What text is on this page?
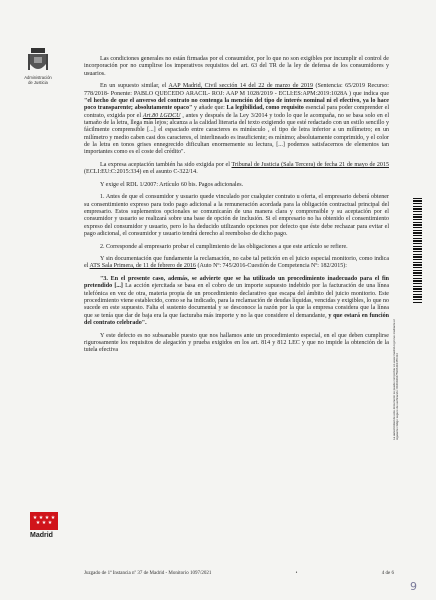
Administración
de Justicia

Las condiciones generales no están firmadas por el consumidor, por lo que no son exigibles por incumplir el control de incorporación por no cumplirse los imperativos requisitos del art. 63 del TR de la ley de defensa de los consumidores y usuarios.

En un supuesto similar, el AAP Madrid, Civil sección 14 del 22 de marzo de 2019 (Sentencia: 65/2019 Recurso: 778/2018- Ponente: PABLO QUECEDO ARACIL- ROJ: AAP M 1028/2019 - ECLI:ES:APM:2019:1028A ) que indica que "el hecho de que el anverso del contrato no contenga la mención del tipo de interés nominal ni el efectivo, ya lo hace poco transparente; absolutamente opaco" y añade que: La legibilidad, como requisito esencial para poder comprender el contrato, exigida por el Art.80 LGDCU , antes y después de la Ley 3/2014 y todo lo que le acompaña, no se basa solo en el tamaño de la letra, llega más lejos; alcanza a la calidad literaria del texto exigiendo que esté redactado con un estilo sencillo y fácilmente comprensible [...] el espaciado entre caracteres es minúsculo , el tipo de letra inferior a un milímetro; en un milímetro y medio caben casi dos caracteres, el interlineado es insuficiente; es mínimo; absolutamente comprimido, y el color de la letra en tonos grises ennegrecido dificultan enormemente su lectura, [...] podemos satisfacernos de elementos tan importantes como es el coste del crédito".

La expresa aceptación también ha sido exigida por el Tribunal de Justicia (Sala Tercera) de fecha 21 de mayo de 2015 (ECLI:EU:C:2015:334) en el asunto C-322/14.

Y exige el RDL 1/2007: Artículo 60 bis. Pagos adicionales.

1. Antes de que el consumidor y usuario quede vinculado por cualquier contrato u oferta, el empresario deberá obtener su consentimiento expreso para todo pago adicional a la remuneración acordada para la obligación contractual principal del empresario. Estos suplementos opcionales se comunicarán de una manera clara y comprensible y su aceptación por el consumidor y usuario se realizará sobre una base de opción de inclusión. Si el empresario no ha obtenido el consentimiento expreso del consumidor y usuario, pero lo ha deducido utilizando opciones por defecto que éste debe rechazar para evitar el pago adicional, el consumidor y usuario tendrá derecho al reembolso de dicho pago.

2. Corresponde al empresario probar el cumplimiento de las obligaciones a que este artículo se refiere.

Y sin documentación que fundamente la reclamación, no cabe tal petición en el juicio especial monitorio, como indica el ATS Sala Primera, de 11 de febrero de 2016 (Auto Nº: 745/2016-Cuestión de Competencia Nº: 182/2015):

"3. En el presente caso, además, se advierte que se ha utilizado un procedimiento inadecuado para el fin pretendido [...] La acción ejercitada se basa en el cobro de un importe supuesto indebido por la facturación de una línea telefónica en vez de otra, materia propia de un procedimiento declarativo que escapa del ámbito del juicio monitorio. Este procedimiento viene establecido, como se ha indicado, para la reclamación de deudas líquidas, vencidas y exigibles, lo que no sucede en este supuesto. Falta el sustento documental y se desconoce la razón por la que la empresa considera que la línea que se tenía que dar de baja era la que facturaba más importe y no la que considere el demandante, y que estará en función del contrato celebrado".

Y este defecto es no subsanable puesto que nos hallamos ante un procedimiento especial, en el que deben cumplirse rigurosamente los requisitos de alegación y prueba exigidos en los art. 814 y 812 LEC y que no impide la obtención de la tutela efectiva	La autenticidad de este documento se puede comprobar en www.madrid.org/cove mediante el siguiente código seguro de verificación: 0949049475906494455414
★ ★ ★ ★
★ ★ ★
Madrid
Juzgado de 1ª Instancia nº 37 de Madrid - Monitorio 1097/2021	•	4 de 6
9
